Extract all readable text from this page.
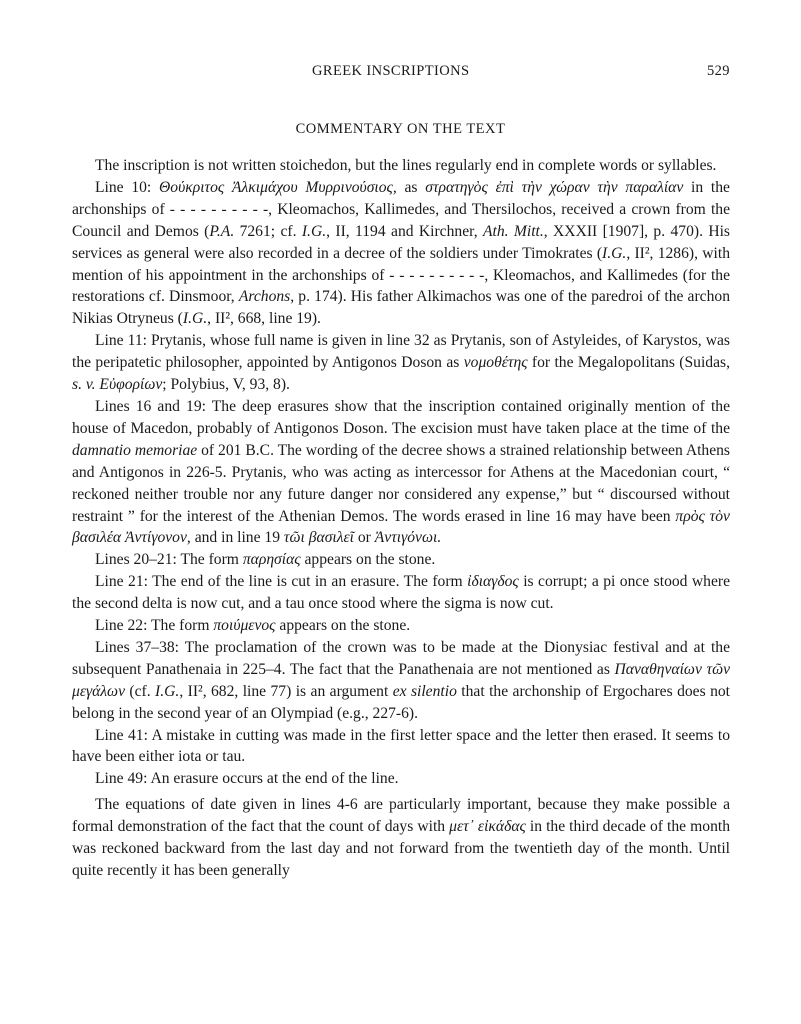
GREEK INSCRIPTIONS	529
COMMENTARY ON THE TEXT

The inscription is not written stoichedon, but the lines regularly end in complete words or syllables.

Line 10: Θούκριτος Ἀλκιμάχου Μυρρινούσιος, as στρατηγὸς ἐπὶ τὴν χώραν τὴν παραλίαν in the archonships of - - - - - - - - - -, Kleomachos, Kallimedes, and Thersilochos, received a crown from the Council and Demos (P.A. 7261; cf. I.G., II, 1194 and Kirchner, Ath. Mitt., XXXII [1907], p. 470). His services as general were also recorded in a decree of the soldiers under Timokrates (I.G., II², 1286), with mention of his appointment in the archonships of - - - - - - - - - -, Kleomachos, and Kallimedes (for the restorations cf. Dinsmoor, Archons, p. 174). His father Alkimachos was one of the paredroi of the archon Nikias Otryneus (I.G., II², 668, line 19).

Line 11: Prytanis, whose full name is given in line 32 as Prytanis, son of Astyleides, of Karystos, was the peripatetic philosopher, appointed by Antigonos Doson as νομοθέτης for the Megalopolitans (Suidas, s. v. Εὐφορίων; Polybius, V, 93, 8).

Lines 16 and 19: The deep erasures show that the inscription contained originally mention of the house of Macedon, probably of Antigonos Doson. The excision must have taken place at the time of the damnatio memoriae of 201 B.C. The wording of the decree shows a strained relationship between Athens and Antigonos in 226-5. Prytanis, who was acting as intercessor for Athens at the Macedonian court, “ reckoned neither trouble nor any future danger nor considered any expense,” but “ discoursed without restraint ” for the interest of the Athenian Demos. The words erased in line 16 may have been πρὸς τὸν βασιλέα Ἀντίγονον, and in line 19 τῶι βασιλεῖ or Ἀντιγόνωι.

Lines 20–21: The form παρησίας appears on the stone.

Line 21: The end of the line is cut in an erasure. The form ἰδιαγδος is corrupt; a pi once stood where the second delta is now cut, and a tau once stood where the sigma is now cut.

Line 22: The form ποιύμενος appears on the stone.

Lines 37–38: The proclamation of the crown was to be made at the Dionysiac festival and at the subsequent Panathenaia in 225–4. The fact that the Panathenaia are not mentioned as Παναθηναίων τῶν μεγάλων (cf. I.G., II², 682, line 77) is an argument ex silentio that the archonship of Ergochares does not belong in the second year of an Olympiad (e.g., 227-6).

Line 41: A mistake in cutting was made in the first letter space and the letter then erased. It seems to have been either iota or tau.

Line 49: An erasure occurs at the end of the line.

The equations of date given in lines 4-6 are particularly important, because they make possible a formal demonstration of the fact that the count of days with μετ᾽ εἰκάδας in the third decade of the month was reckoned backward from the last day and not forward from the twentieth day of the month. Until quite recently it has been generally
